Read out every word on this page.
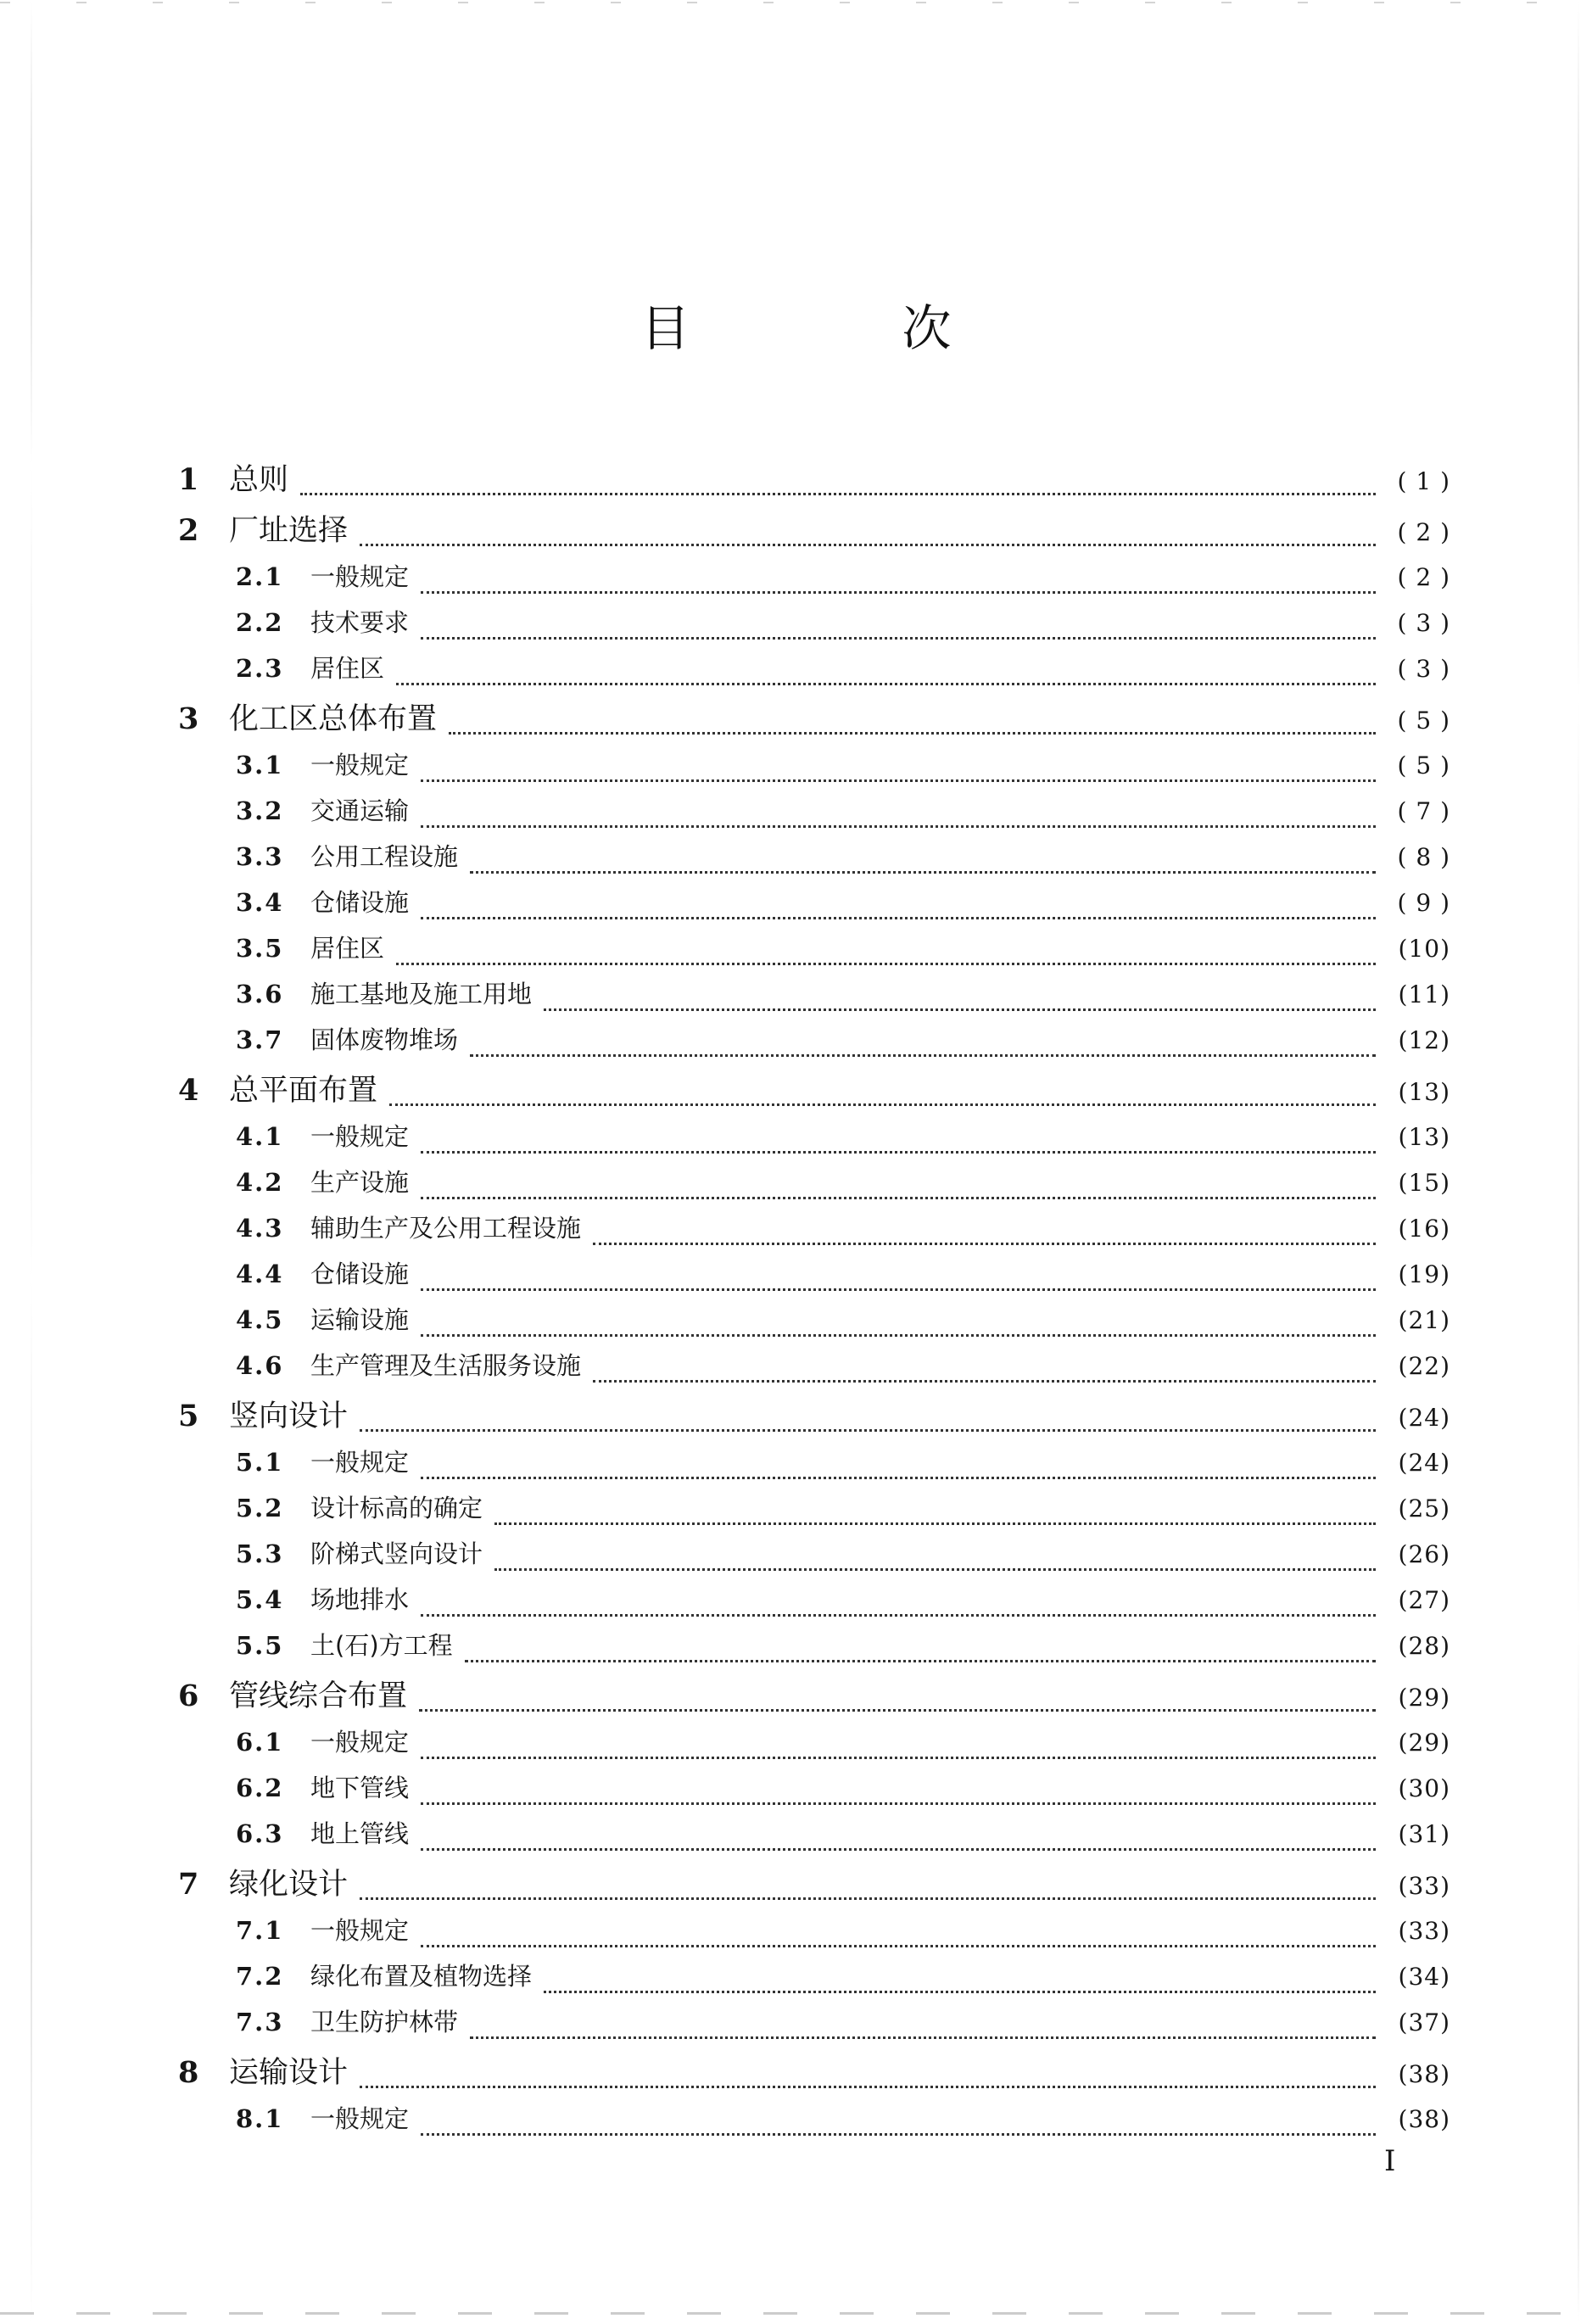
目　次
1	总则	( 1 )
2	厂址选择	( 2 )
2.1	一般规定	( 2 )
2.2	技术要求	( 3 )
2.3	居住区	( 3 )
3	化工区总体布置	( 5 )
3.1	一般规定	( 5 )
3.2	交通运输	( 7 )
3.3	公用工程设施	( 8 )
3.4	仓储设施	( 9 )
3.5	居住区	(10)
3.6	施工基地及施工用地	(11)
3.7	固体废物堆场	(12)
4	总平面布置	(13)
4.1	一般规定	(13)
4.2	生产设施	(15)
4.3	辅助生产及公用工程设施	(16)
4.4	仓储设施	(19)
4.5	运输设施	(21)
4.6	生产管理及生活服务设施	(22)
5	竖向设计	(24)
5.1	一般规定	(24)
5.2	设计标高的确定	(25)
5.3	阶梯式竖向设计	(26)
5.4	场地排水	(27)
5.5	土(石)方工程	(28)
6	管线综合布置	(29)
6.1	一般规定	(29)
6.2	地下管线	(30)
6.3	地上管线	(31)
7	绿化设计	(33)
7.1	一般规定	(33)
7.2	绿化布置及植物选择	(34)
7.3	卫生防护林带	(37)
8	运输设计	(38)
8.1	一般规定	(38)
I
